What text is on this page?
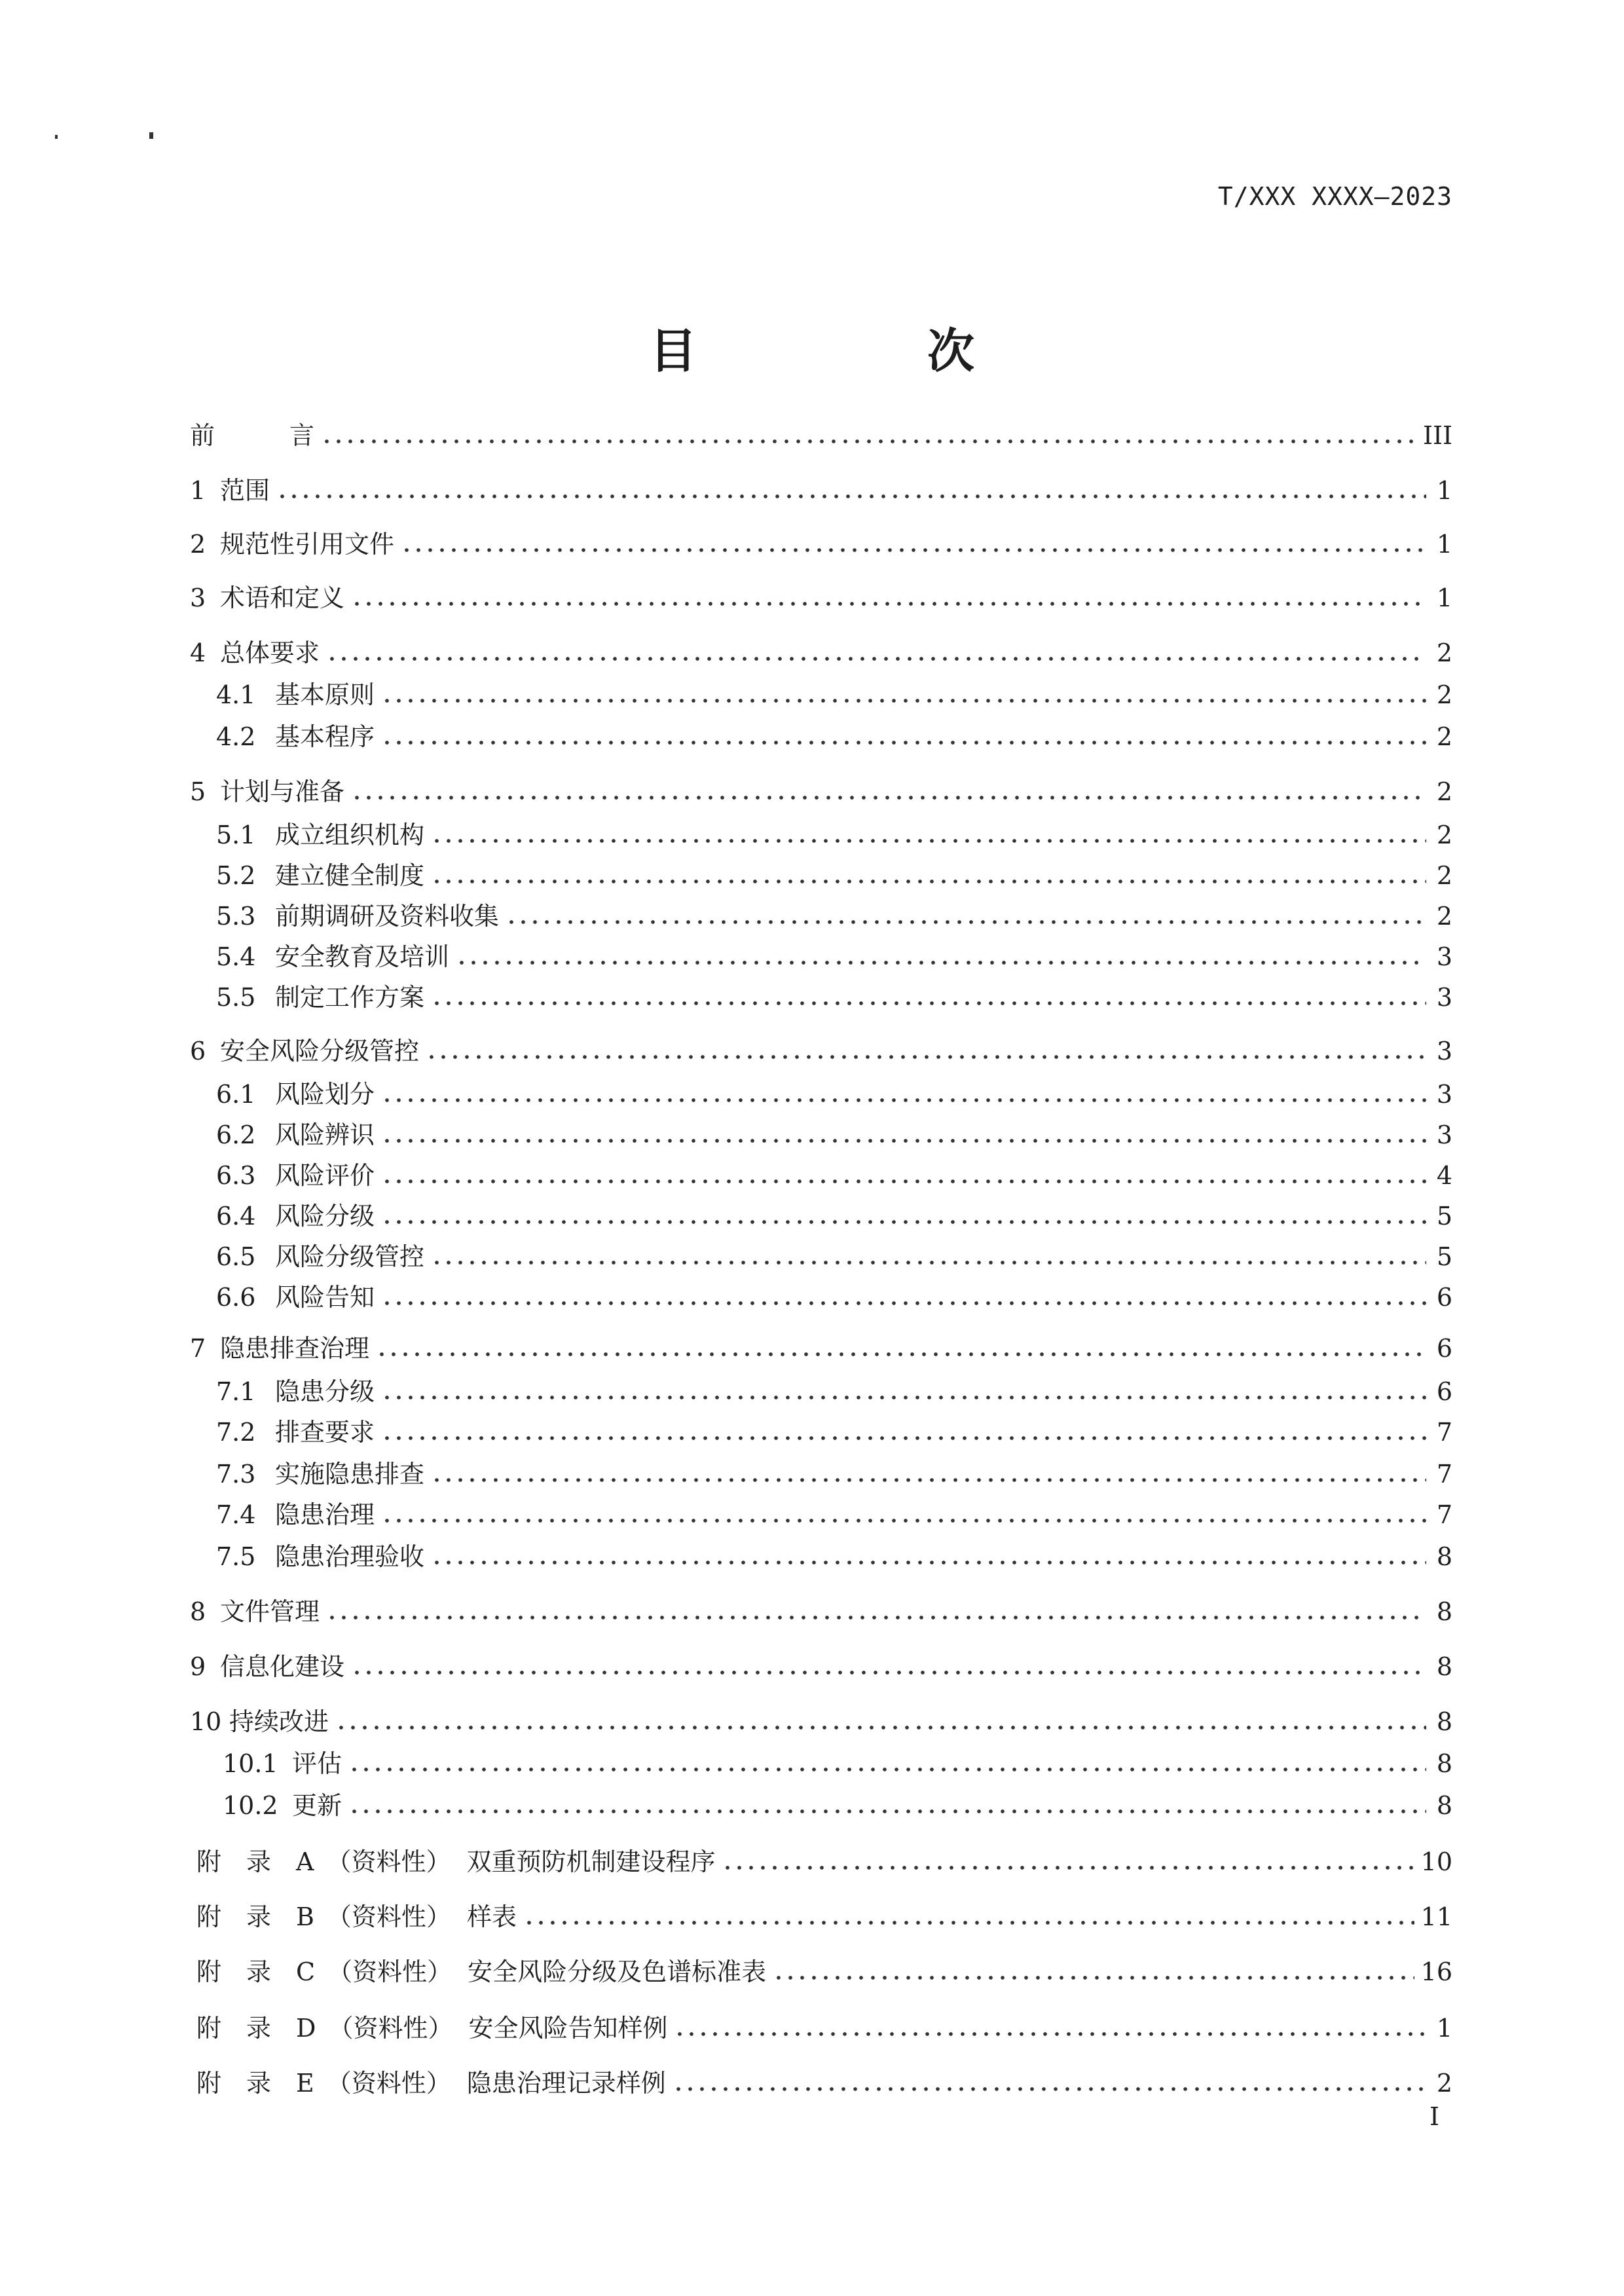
T/XXX XXXX—2023
目　次
前　　　言	III
1 范围	1
2 规范性引用文件	1
3 术语和定义	1
4 总体要求	2
4.1 基本原则	2
4.2 基本程序	2
5 计划与准备	2
5.1 成立组织机构	2
5.2 建立健全制度	2
5.3 前期调研及资料收集	2
5.4 安全教育及培训	3
5.5 制定工作方案	3
6 安全风险分级管控	3
6.1 风险划分	3
6.2 风险辨识	3
6.3 风险评价	4
6.4 风险分级	5
6.5 风险分级管控	5
6.6 风险告知	6
7 隐患排查治理	6
7.1 隐患分级	6
7.2 排查要求	7
7.3 实施隐患排查	7
7.4 隐患治理	7
7.5 隐患治理验收	8
8 文件管理	8
9 信息化建设	8
10 持续改进	8
10.1 评估	8
10.2 更新	8
附　录　A　（资料性） 双重预防机制建设程序	10
附　录　B　（资料性） 样表	11
附　录　C　（资料性） 安全风险分级及色谱标准表	16
附　录　D　（资料性） 安全风险告知样例	1
附　录　E　（资料性） 隐患治理记录样例	2
I
